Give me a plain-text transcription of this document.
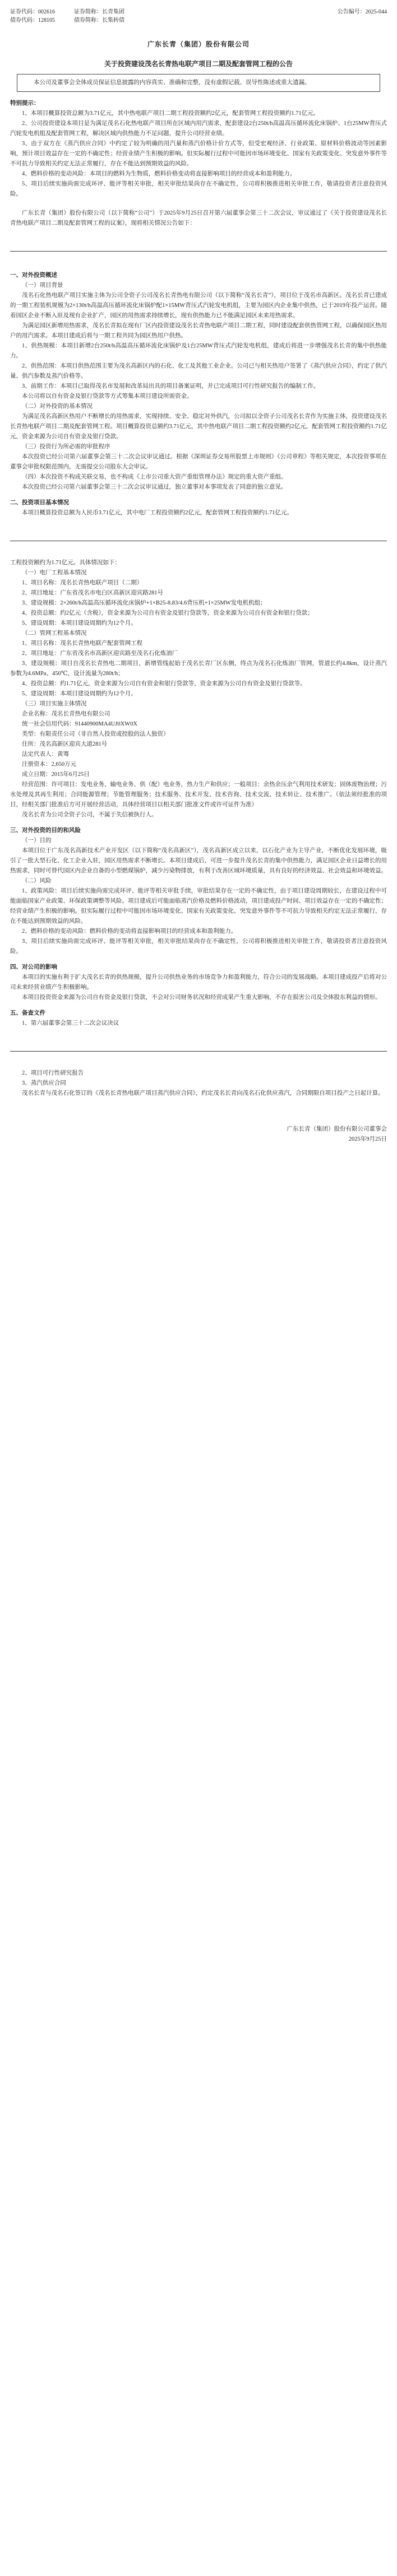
证券代码：002616	证券简称：长青集团	公告编号：2025-044
债券代码：128105	债券简称：长集转债
广东长青（集团）股份有限公司
关于投资建设茂名长青热电联产项目二期及配套管网工程的公告

本公司及董事会全体成员保证信息披露的内容真实、准确和完整，没有虚假记载、误导性陈述或重大遗漏。

特别提示：

1、本项目概算投资总额为3.71亿元，其中热电联产项目二期工程投资额约2亿元，配套管网工程投资额约1.71亿元。

2、公司投资建设本项目是为满足茂名石化热电联产项目所在区域内用汽需求，配套建设2台250t/h高温高压循环流化床锅炉、1台25MW背压式汽轮发电机组及配套管网工程，解决区域内供热能力不足问题，提升公司经营业绩。

3、由于双方在《蒸汽供应合同》中约定了较为明确的用汽量和蒸汽价格计价方式等，但受宏观经济、行业政策、原材料价格波动等因素影响，预计项目效益存在一定的不确定性；经营业绩产生积极的影响。但实际履行过程中可能因市场环境变化、国家有关政策变化、突发意外事件等不可抗力导致相关约定无法正常履行，存在不能达到预期效益的风险。

4、燃料价格的变动风险：本项目的燃料为生物质，燃料价格变动将直接影响项目的经营成本和盈利能力。

5、项目后续实施尚需完成环评、能评等相关审批，相关审批结果尚存在不确定性，公司将积极推进相关审批工作，敬请投资者注意投资风险。

广东长青（集团）股份有限公司（以下简称“公司”）于2025年9月25日召开第六届董事会第三十二次会议，审议通过了《关于投资建设茂名长青热电联产项目二期及配套管网工程的议案》，现将相关情况公告如下：

一、对外投资概述

（一）项目背景

茂名石化热电联产项目实施主体为公司全资子公司茂名长青热电有限公司（以下简称“茂名长青”），项目位于茂名市高新区。茂名长青已建成的一期工程装机规模为2×130t/h高温高压循环流化床锅炉配1×15MW背压式汽轮发电机组，主要为园区内企业集中供热，已于2019年投产运营。随着园区企业不断入驻及现有企业扩产，园区的用热需求持续增长，现有供热能力已不能满足园区未来用热需求。

为满足园区新增用热需求，茂名长青拟在现有厂区内投资建设茂名长青热电联产项目二期工程，同时建设配套供热管网工程，以确保园区热用户的用汽需求。本项目建成后将与一期工程共同为园区热用户供热。

1、供热规模：本项目新增2台250t/h高温高压循环流化床锅炉及1台25MW背压式汽轮发电机组，建成后将进一步增强茂名长青的集中供热能力。

2、供热范围：本项目供热范围主要为茂名高新区内的石化、化工及其他工业企业。公司已与相关热用户签署了《蒸汽供应合同》，约定了供汽量、供汽参数及蒸汽价格等。

3、前期工作：本项目已取得茂名市发展和改革局出具的项目备案证明，并已完成项目可行性研究报告的编制工作。

本公司将以自有资金及银行贷款等方式筹集本项目建设所需资金。

（二）对外投资的基本情况

为满足茂名高新区热用户不断增长的用热需求，实现持续、安全、稳定对外供汽，公司拟以全资子公司茂名长青作为实施主体，投资建设茂名长青热电联产项目二期及配套管网工程。项目概算投资总额约3.71亿元，其中热电联产项目二期工程投资额约2亿元，配套管网工程投资额约1.71亿元，资金来源为公司自有资金及银行贷款。

（三）投资行为所必需的审批程序

本次投资已经公司第六届董事会第三十二次会议审议通过。根据《深圳证券交易所股票上市规则》《公司章程》等相关规定，本次投资事项在董事会审批权限范围内，无需提交公司股东大会审议。

（四）本次投资不构成关联交易，也不构成《上市公司重大资产重组管理办法》规定的重大资产重组。

本次投资已经公司第六届董事会第三十二次会议审议通过，独立董事对本事项发表了同意的独立意见。

二、投资项目基本情况

本项目概算投资总额为人民币3.71亿元，其中电厂工程投资额约2亿元，配套管网工程投资额约1.71亿元。

工程投资额约为1.71亿元。具体情况如下：

（一）电厂工程基本情况

1、项目名称：茂名长青热电联产项目（二期）

2、项目地址：广东省茂名市电白区高新区迎宾路281号

3、建设规模：2×260t/h高温高压循环流化床锅炉+1×B25-8.83/4.6背压机+1×25MW发电机机组；

4、投资总额：约2亿元（含税），资金来源为公司自有资金及银行贷款等，资金来源为公司自有资金和银行贷款；

5、建设周期：本项目建设周期约为12个月。

（二）管网工程基本情况

1、项目名称：茂名长青热电联产配套管网工程

2、项目地址：广东省茂名市高新区迎宾路至茂名石化炼油厂

3、建设规模：项目自茂名长青热电二期项目，新增管线起始于茂名长青厂区东侧，终点为茂名石化炼油厂管网，管道长约4.8km，设计蒸汽参数为4.6MPa、450℃，设计流量为280t/h；

4、投资总额：约1.71亿元，资金来源为公司自有资金和银行贷款等，资金来源为公司自有资金及银行贷款等。

5、建设周期：本项目建设周期约为12个月。

（三）项目实施主体情况

企业名称：茂名长青热电有限公司

统一社会信用代码：91440900MA4UJ0XW0X

类型：有限责任公司（非自然人投资或控股的法人独资）

住所：茂名高新区迎宾大道281号

法定代表人：黄骞

注册资本：2,650万元

成立日期：2015年6月25日

经营范围：许可项目：发电业务、输电业务、供（配）电业务，热力生产和供应；一般项目：余热余压余气利用技术研发；固体废物治理；污水处理及其再生利用；合同能源管理；节能管理服务；技术服务、技术开发、技术咨询、技术交流、技术转让、技术推广。（依法须经批准的项目，经相关部门批准后方可开展经营活动，具体经营项目以相关部门批准文件或许可证件为准）

茂名长青为公司全资子公司，不属于失信被执行人。

三、对外投资的目的和风险

（一）目的

本项目位于广东茂名高新技术产业开发区（以下简称“茂名高新区”），茂名高新区成立以来，以石化产业为主导产业，不断优化发展环境，吸引了一批大型石化、化工企业入驻，园区用热需求不断增长。本项目建成后，可进一步提升茂名长青的集中供热能力，满足园区企业日益增长的用热需求，同时可替代园区内企业自备的小型燃煤锅炉，减少污染物排放，有利于改善区域环境质量，具有良好的经济效益、社会效益和环境效益。

（二）风险

1、政策风险：项目后续实施尚需完成环评、能评等相关审批手续，审批结果存在一定的不确定性，由于项目建设周期较长，在建设过程中可能面临国家产业政策、环保政策调整等风险。项目建成后可能面临蒸汽价格及燃料价格波动，项目建成投产时间、项目效益存在一定的不确定性；经营业绩产生积极的影响。但实际履行过程中可能因市场环境变化、国家有关政策变化、突发意外事件等不可抗力导致相关约定无法正常履行，存在不能达到预期效益的风险。

2、燃料价格的变动风险：燃料价格的变动将直接影响项目的经营成本和盈利能力。

3、项目后续实施尚需完成环评、能评等相关审批，相关审批结果尚存在不确定性，公司将积极推进相关审批工作，敬请投资者注意投资风险。

四、对公司的影响

本项目的实施有利于扩大茂名长青的供热规模，提升公司供热业务的市场竞争力和盈利能力，符合公司的发展战略。本项目建成投产后将对公司未来经营业绩产生积极影响。

本项目投资资金来源为公司自有资金及银行贷款，不会对公司财务状况和经营成果产生重大影响，不存在损害公司及全体股东利益的情形。

五、备查文件

1、第六届董事会第三十二次会议决议

2、项目可行性研究报告

3、蒸汽供应合同

茂名长青与茂名石化签订的《茂名长青热电联产项目蒸汽供应合同》，约定茂名长青向茂名石化供应蒸汽，合同期限自项目投产之日起计算。

广东长青（集团）股份有限公司董事会

2025年9月25日
